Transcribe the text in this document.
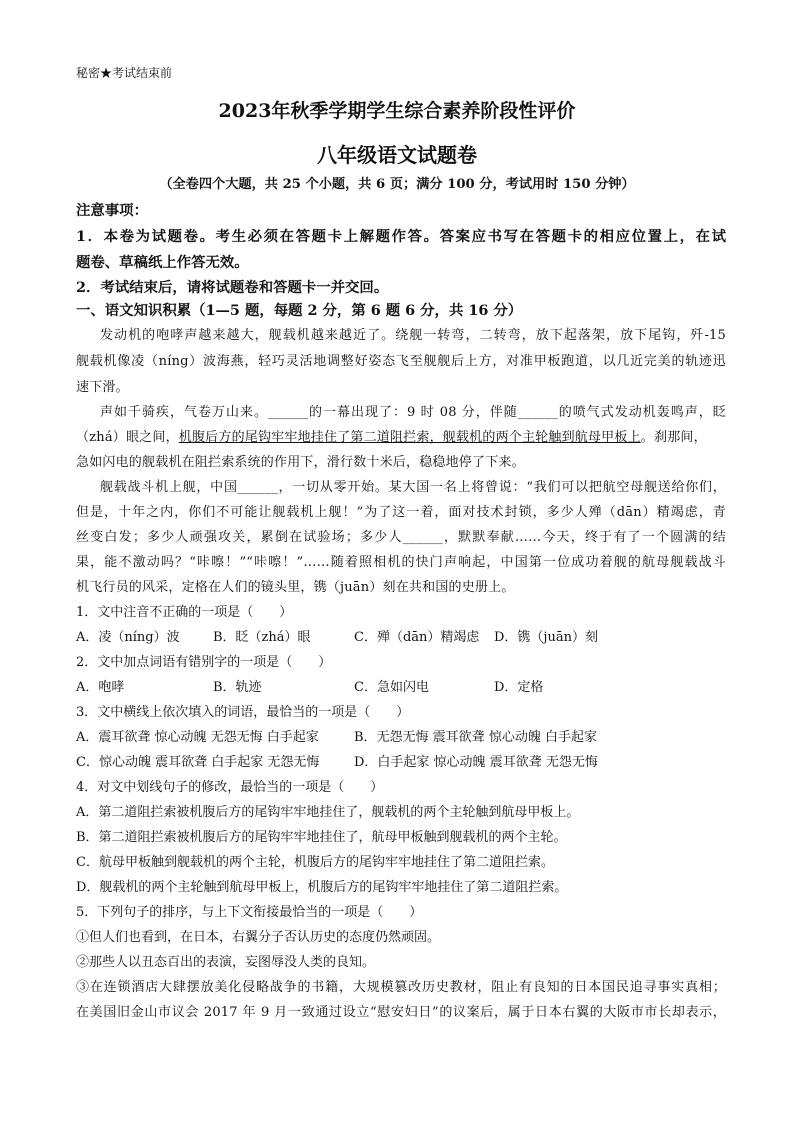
秘密★考试结束前
2023年秋季学期学生综合素养阶段性评价
八年级语文试题卷
（全卷四个大题，共 25 个小题，共 6 页；满分 100 分，考试用时 150 分钟）
注意事项：
1．本卷为试题卷。考生必须在答题卡上解题作答。答案应书写在答题卡的相应位置上，在试
题卷、草稿纸上作答无效。
2．考试结束后，请将试题卷和答题卡一并交回。
一、语文知识积累（1—5 题，每题 2 分，第 6 题 6 分，共 16 分）
发动机的咆哮声越来越大，舰载机越来越近了。绕舰一转弯，二转弯，放下起落架，放下尾钩，歼-15
舰载机像凌（níng）波海燕，轻巧灵活地调整好姿态飞至舰舰后上方，对准甲板跑道，以几近完美的轨迹迅
速下滑。
声如千骑疾，气卷万山来。______的一幕出现了：9 时 08 分，伴随______的喷气式发动机轰鸣声，眨
（zhá）眼之间，机腹后方的尾钩牢牢地挂住了第二道阻拦索，舰载机的两个主轮触到航母甲板上。刹那间，
急如闪电的舰载机在阻拦索系统的作用下，滑行数十米后，稳稳地停了下来。
舰载战斗机上舰，中国______，一切从零开始。某大国一名上将曾说：“我们可以把航空母舰送给你们，
但是，十年之内，你们不可能让舰载机上舰！”为了这一着，面对技术封锁，多少人殚（dān）精竭虑，青
丝变白发；多少人顽强攻关，累倒在试验场；多少人______，默默奉献……今天，终于有了一个圆满的结
果，能不激动吗？“咔嚓！”“咔嚓！”……随着照相机的快门声响起，中国第一位成功着舰的航母舰载战斗
机飞行员的风采，定格在人们的镜头里，镌（juān）刻在共和国的史册上。
1．文中注音不正确的一项是（　　）
A．凌（níng）波	B．眨（zhá）眼	C．殚（dān）精竭虑 D．镌（juān）刻
2．文中加点词语有错别字的一项是（　　）
A．咆哮	B．轨迹	C．急如闪电	D．定格
3．文中横线上依次填入的词语，最恰当的一项是（　　）
A．震耳欲聋 惊心动魄 无怨无悔 白手起家	B．无怨无悔 震耳欲聋 惊心动魄 白手起家
C．惊心动魄 震耳欲聋 白手起家 无怨无悔	D．白手起家 惊心动魄 震耳欲聋 无怨无悔
4．对文中划线句子的修改，最恰当的一项是（　　）
A．第二道阻拦索被机腹后方的尾钩牢牢地挂住了，舰载机的两个主轮触到航母甲板上。
B．第二道阻拦索被机腹后方的尾钩牢牢地挂住了，航母甲板触到舰载机的两个主轮。
C．航母甲板触到舰载机的两个主轮，机腹后方的尾钩牢牢地挂住了第二道阻拦索。
D．舰载机的两个主轮触到航母甲板上，机腹后方的尾钩牢牢地挂住了第二道阻拦索。
5．下列句子的排序，与上下文衔接最恰当的一项是（　　）
①但人们也看到，在日本，右翼分子否认历史的态度仍然顽固。
②那些人以丑态百出的表演，妄图辱没人类的良知。
③在连锁酒店大肆摆放美化侵略战争的书籍，大规模篡改历史教材，阻止有良知的日本国民追寻事实真相；
在美国旧金山市议会 2017 年 9 月一致通过设立“慰安妇日”的议案后，属于日本右翼的大阪市市长却表示，
